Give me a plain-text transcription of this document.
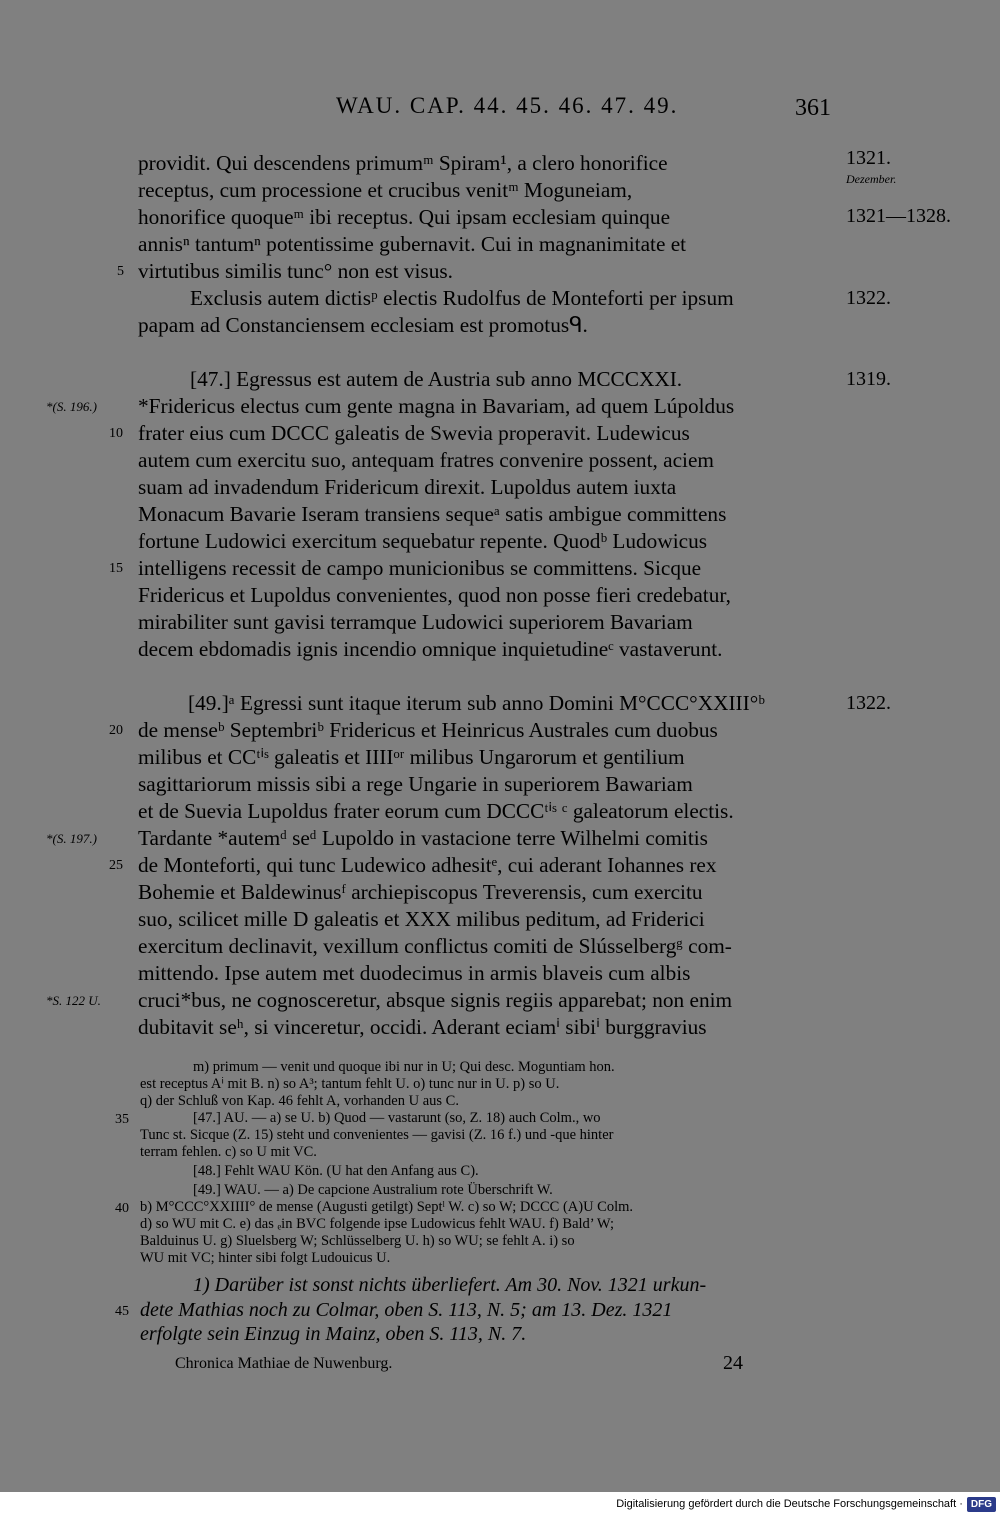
WAU. CAP. 44. 45. 46. 47. 49.	361
providit. Qui descendens primumᵐ Spiram¹, a clero honorifice
receptus, cum processione et crucibus venitᵐ Moguneiam,
honorifice quoqueᵐ ibi receptus. Qui ipsam ecclesiam quinque
annisⁿ tantumⁿ potentissime gubernavit. Cui in magnanimitate et
virtutibus similis tunc° non est visus.
Exclusis autem dictisᵖ electis Rudolfus de Monteforti per ipsum
papam ad Constanciensem ecclesiam est promotusᑫ.
[47.] Egressus est autem de Austria sub anno MCCCXXI.
*Fridericus electus cum gente magna in Bavariam, ad quem Lúpoldus
frater eius cum DCCC galeatis de Swevia properavit. Ludewicus
autem cum exercitu suo, antequam fratres convenire possent, aciem
suam ad invadendum Fridericum direxit. Lupoldus autem iuxta
Monacum Bavarie Iseram transiens sequeᵃ satis ambigue committens
fortune Ludowici exercitum sequebatur repente. Quodᵇ Ludowicus
intelligens recessit de campo municionibus se committens. Sicque
Fridericus et Lupoldus convenientes, quod non posse fieri credebatur,
mirabiliter sunt gavisi terramque Ludowici superiorem Bavariam
decem ebdomadis ignis incendio omnique inquietudineᶜ vastaverunt.
[49.]ᵃ Egressi sunt itaque iterum sub anno Domini M°CCC°XXIII°ᵇ
de menseᵇ Septembriᵇ Fridericus et Heinricus Australes cum duobus
milibus et CCᵗⁱˢ galeatis et IIIIᵒʳ milibus Ungarorum et gentilium
sagittariorum missis sibi a rege Ungarie in superiorem Bawariam
et de Suevia Lupoldus frater eorum cum DCCCᵗⁱˢ ᶜ galeatorum electis.
Tardante *autemᵈ seᵈ Lupoldo in vastacione terre Wilhelmi comitis
de Monteforti, qui tunc Ludewico adhesitᵉ, cui aderant Iohannes rex
Bohemie et Baldewinusᶠ archiepiscopus Treverensis, cum exercitu
suo, scilicet mille D galeatis et XXX milibus peditum, ad Friderici
exercitum declinavit, vexillum conflictus comiti de Slússelbergᵍ com-
mittendo. Ipse autem met duodecimus in armis blaveis cum albis
cruci*bus, ne cognosceretur, absque signis regiis apparebat; non enim
dubitavit seʰ, si vinceretur, occidi. Aderant eciamⁱ sibiⁱ burggravius
5
10
15
20
25
*(S. 196.)
*(S. 197.)
*S. 122 U.
1321.
Dezember.
1321—1328.
1322.
1319.
1322.
m) primum — venit und quoque ibi nur in U; Qui desc. Moguntiam hon.
est receptus Aⁱ mit B. n) so A³; tantum fehlt U. o) tunc nur in U. p) so U.
q) der Schluß von Kap. 46 fehlt A, vorhanden U aus C.
[47.] AU. — a) se U. b) Quod — vastarunt (so, Z. 18) auch Colm., wo
Tunc st. Sicque (Z. 15) steht und convenientes — gavisi (Z. 16 f.) und -que hinter
terram fehlen. c) so U mit VC.
[48.] Fehlt WAU Kön. (U hat den Anfang aus C).
[49.] WAU. — a) De capcione Australium rote Überschrift W.
b) M°CCC°XXIIII° de mense (Augusti getilgt) Septˡ W. c) so W; DCCC (A)U Colm.
d) so WU mit C. e) das ₑin BVC folgende ipse Ludowicus fehlt WAU. f) Bald’ W;
Balduinus U. g) Sluelsberg W; Schlüsselberg U. h) so WU; se fehlt A. i) so
WU mit VC; hinter sibi folgt Ludouicus U.
35
40
45
1) Darüber ist sonst nichts überliefert. Am 30. Nov. 1321 urkun-
dete Mathias noch zu Colmar, oben S. 113, N. 5; am 13. Dez. 1321
erfolgte sein Einzug in Mainz, oben S. 113, N. 7.
Chronica Mathiae de Nuwenburg.	24
Digitalisierung gefördert durch die Deutsche Forschungsgemeinschaft · DFG
